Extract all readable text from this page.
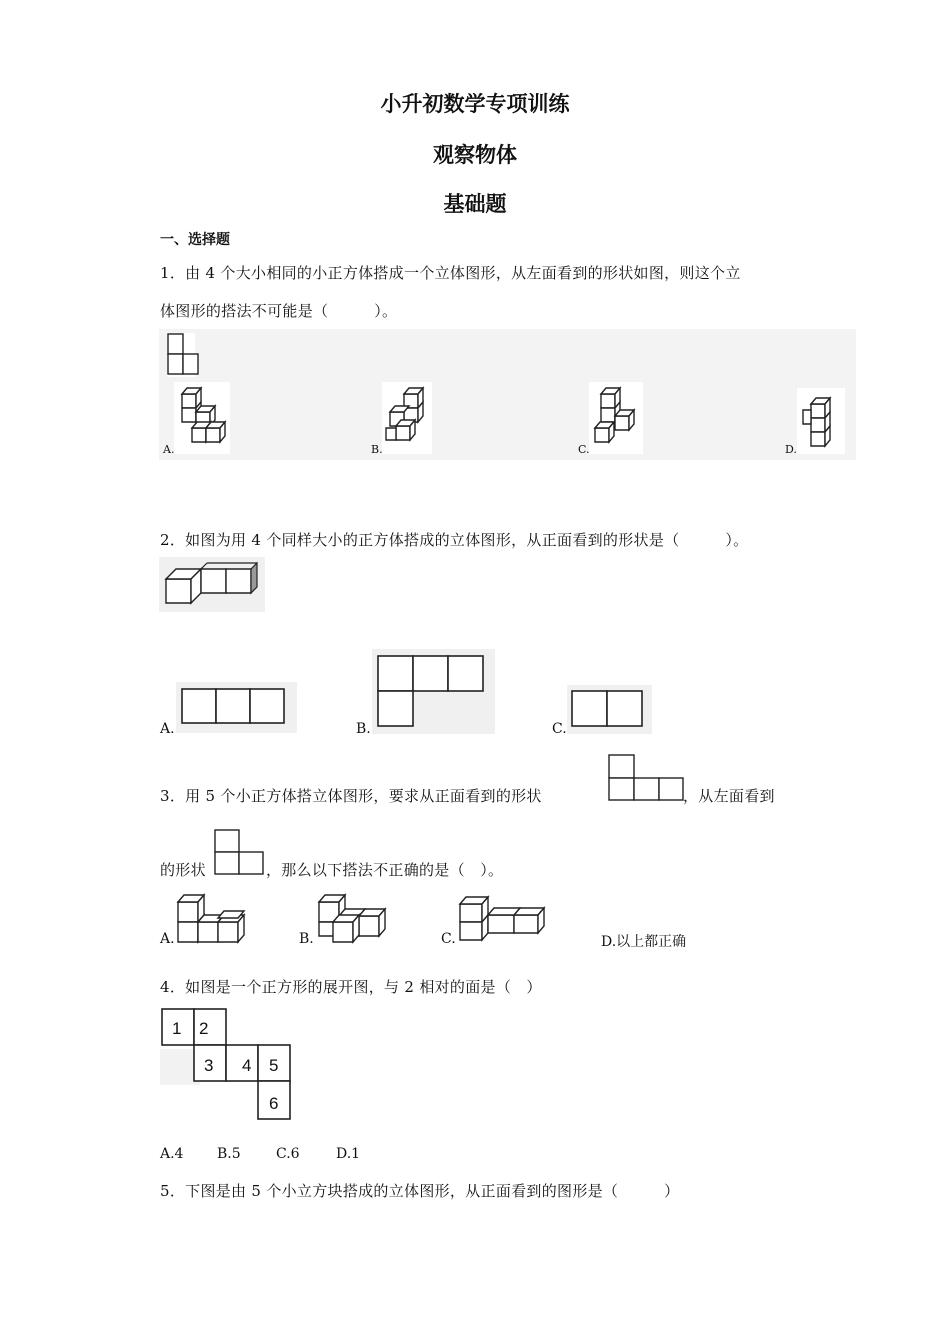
小升初数学专项训练
观察物体
基础题
一、选择题
1．由 4 个大小相同的小正方体搭成一个立体图形，从左面看到的形状如图，则这个立
体图形的搭法不可能是（　　　）。
A.	B.	C.	D.
2．如图为用 4 个同样大小的正方体搭成的立体图形，从正面看到的形状是（　　　）。
A.	B.	C.
3．用 5 个小正方体搭立体图形，要求从正面看到的形状	，从左面看到
的形状	，那么以下搭法不正确的是（　）。
A.	B.	C.	D.以上都正确
4．如图是一个正方形的展开图，与 2 相对的面是（　）
1 2
3 4 5
6
A.4 B.5	C.6	D.1
5．下图是由 5 个小立方块搭成的立体图形，从正面看到的图形是（　　　）
